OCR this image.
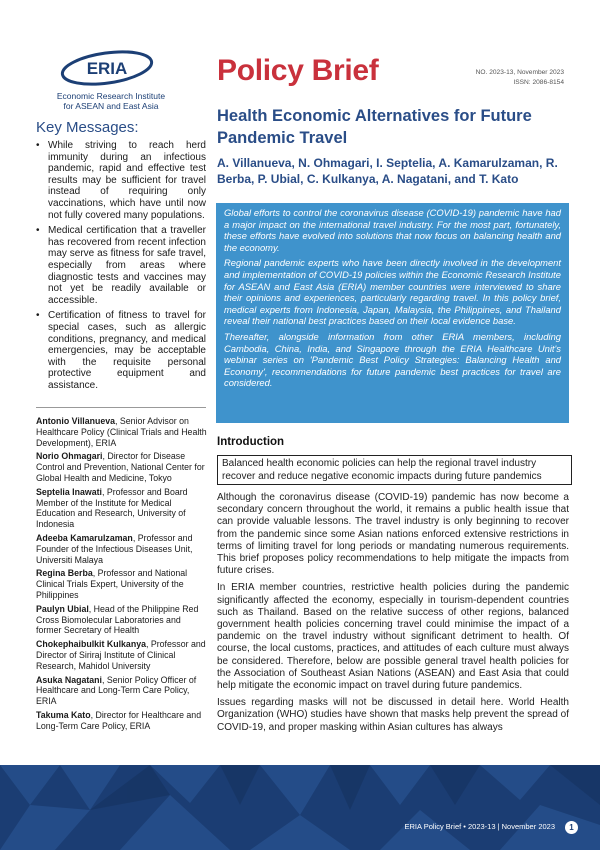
ERIA
Economic Research Institute
for ASEAN and East Asia
Policy Brief	NO. 2023-13, November 2023
ISSN: 2086-8154
Health Economic Alternatives for Future Pandemic Travel
A. Villanueva, N. Ohmagari, I. Septelia, A. Kamarulzaman, R. Berba, P. Ubial, C. Kulkanya, A. Nagatani, and T. Kato

Global efforts to control the coronavirus disease (COVID-19) pandemic have had a major impact on the international travel industry. For the most part, fortunately, these efforts have evolved into solutions that now focus on balancing health and the economy.

Regional pandemic experts who have been directly involved in the development and implementation of COVID-19 policies within the Economic Research Institute for ASEAN and East Asia (ERIA) member countries were interviewed to share their opinions and experiences, particularly regarding travel. In this policy brief, medical experts from Indonesia, Japan, Malaysia, the Philippines, and Thailand reveal their national best practices based on their local evidence base.

Thereafter, alongside information from other ERIA members, including Cambodia, China, India, and Singapore through the ERIA Healthcare Unit's webinar series on 'Pandemic Best Policy Strategies: Balancing Health and Economy', recommendations for future pandemic best practices for travel are considered.

Key Messages:
• While striving to reach herd immunity during an infectious pandemic, rapid and effective test results may be sufficient for travel instead of requiring only vaccinations, which have until now not fully covered many populations.
• Medical certification that a traveller has recovered from recent infection may serve as fitness for safe travel, especially from areas where diagnostic tests and vaccines may not yet be readily available or accessible.
• Certification of fitness to travel for special cases, such as allergic conditions, pregnancy, and medical emergencies, may be acceptable with the requisite personal protective equipment and assistance.
Antonio Villanueva, Senior Advisor on Healthcare Policy (Clinical Trials and Health Development), ERIA
Norio Ohmagari, Director for Disease Control and Prevention, National Center for Global Health and Medicine, Tokyo
Septelia Inawati, Professor and Board Member of the Institute for Medical Education and Research, University of Indonesia
Adeeba Kamarulzaman, Professor and Founder of the Infectious Diseases Unit, Universiti Malaya
Regina Berba, Professor and National Clinical Trials Expert, University of the Philippines
Paulyn Ubial, Head of the Philippine Red Cross Biomolecular Laboratories and former Secretary of Health
Chokephaibulkit Kulkanya, Professor and Director of Siriraj Institute of Clinical Research, Mahidol University
Asuka Nagatani, Senior Policy Officer of Healthcare and Long-Term Care Policy, ERIA
Takuma Kato, Director for Healthcare and Long-Term Care Policy, ERIA
Introduction
Balanced health economic policies can help the regional travel industry recover and reduce negative economic impacts during future pandemics

Although the coronavirus disease (COVID-19) pandemic has now become a secondary concern throughout the world, it remains a public health issue that can provide valuable lessons. The travel industry is only beginning to recover from the pandemic since some Asian nations enforced extensive restrictions in terms of limiting travel for long periods or mandating numerous requirements. This brief proposes policy recommendations to help mitigate the impacts from future crises.

In ERIA member countries, restrictive health policies during the pandemic significantly affected the economy, especially in tourism-dependent countries such as Thailand. Based on the relative success of other regions, balanced government health policies concerning travel could minimise the impact of a pandemic on the travel industry without significant detriment to health. Of course, the local customs, practices, and attitudes of each culture must always be considered. Therefore, below are possible general travel health policies for the Association of Southeast Asian Nations (ASEAN) and East Asia that could help mitigate the economic impact on travel during future pandemics.

Issues regarding masks will not be discussed in detail here. World Health Organization (WHO) studies have shown that masks help prevent the spread of COVID-19, and proper masking within Asian cultures has always

ERIA Policy Brief • 2023-13 | November 2023	1
